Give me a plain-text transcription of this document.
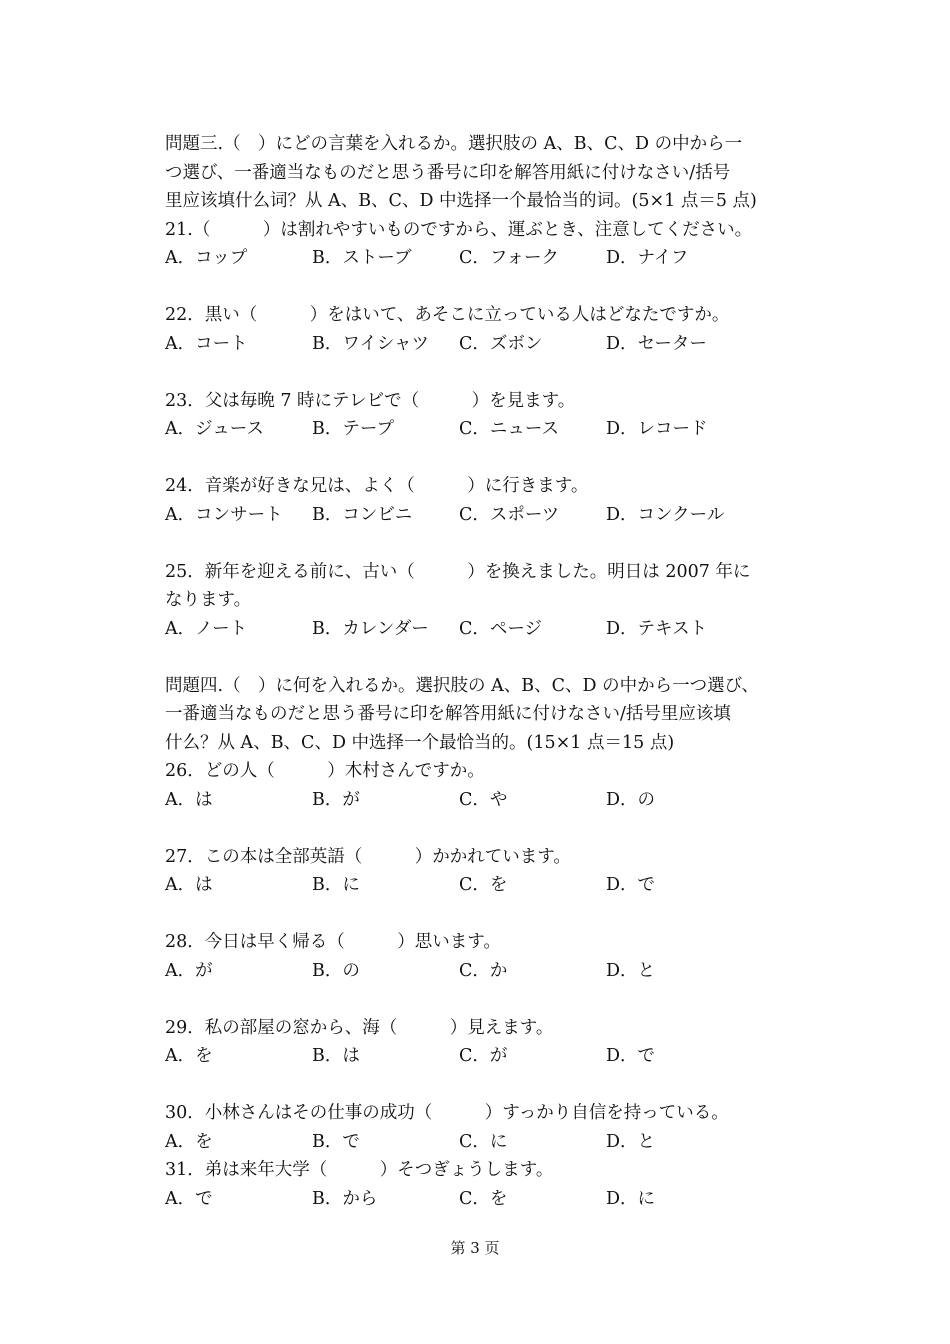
問題三.（　）にどの言葉を入れるか。選択肢の A、B、C、D の中から一
つ選び、一番適当なものだと思う番号に印を解答用紙に付けなさい/括号
里应该填什么词？从 A、B、C、D 中选择一个最恰当的词。(5×1 点＝5 点)
21.（　　　）は割れやすいものですから、運ぶとき、注意してください。
A．コップ	B．ストーブ	C．フォーク	D．ナイフ
22．黒い（　　　）をはいて、あそこに立っている人はどなたですか。
A．コート	B．ワイシャツ	C．ズボン	D．セーター
23．父は毎晩 7 時にテレビで（　　　）を見ます。
A．ジュース	B．テープ	C．ニュース	D．レコード
24．音楽が好きな兄は、よく（　　　）に行きます。
A．コンサート	B．コンビニ	C．スポーツ	D．コンクール
25．新年を迎える前に、古い（　　　）を換えました。明日は 2007 年に
なります。
A．ノート	B．カレンダー	C．ページ	D．テキスト
問題四.（　）に何を入れるか。選択肢の A、B、C、D の中から一つ選び、
一番適当なものだと思う番号に印を解答用紙に付けなさい/括号里应该填
什么？从 A、B、C、D 中选择一个最恰当的。(15×1 点＝15 点)
26．どの人（　　　）木村さんですか。
A．は	B．が	C．や	D．の
27．この本は全部英語（　　　）かかれています。
A．は	B．に	C．を	D．で
28．今日は早く帰る（　　　）思います。
A．が	B．の	C．か	D．と
29．私の部屋の窓から、海（　　　）見えます。
A．を	B．は	C．が	D．で
30．小林さんはその仕事の成功（　　　）すっかり自信を持っている。
A．を	B．で	C．に	D．と
31．弟は来年大学（　　　）そつぎょうします。
A．で	B．から	C．を	D．に
第 3 页
